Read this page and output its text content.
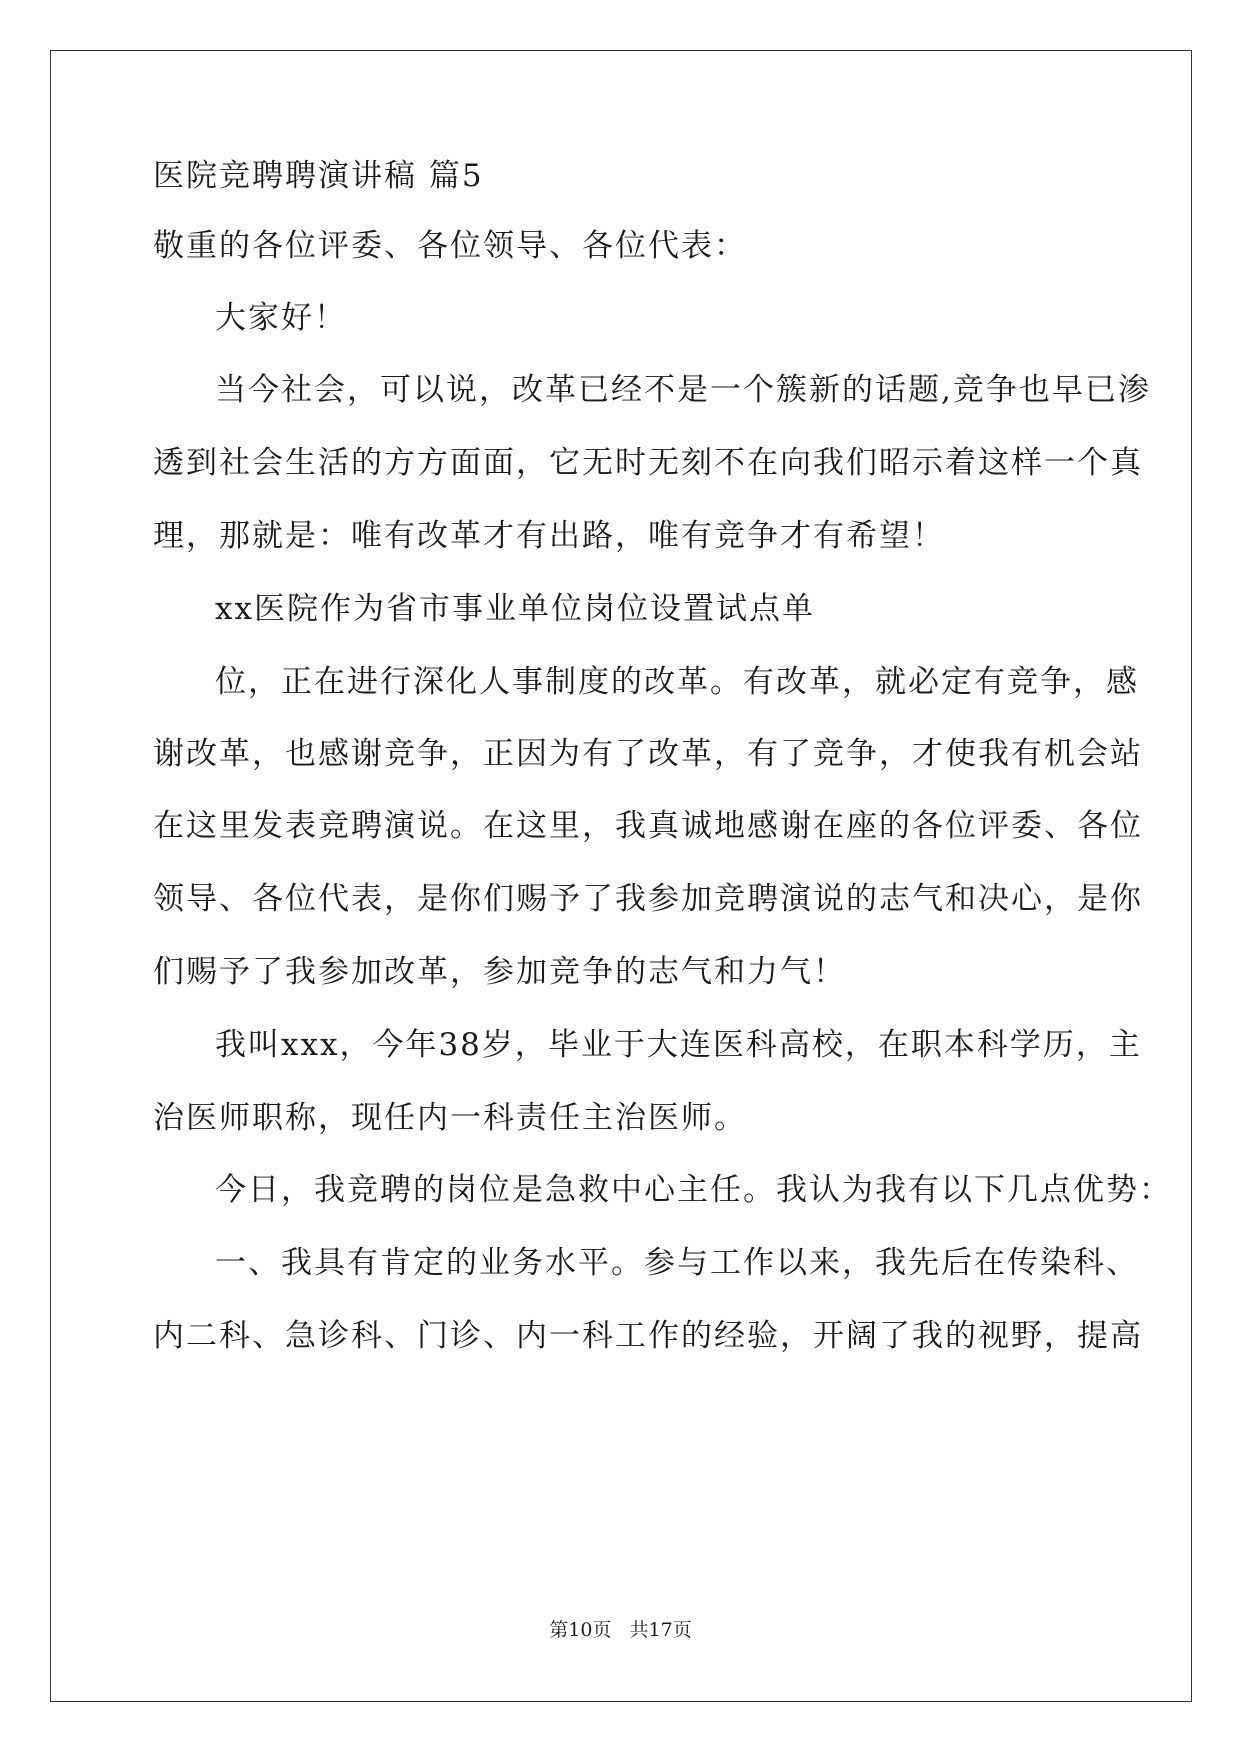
医院竞聘聘演讲稿 篇5
敬重的各位评委、各位领导、各位代表：
大家好！
当今社会，可以说，改革已经不是一个簇新的话题,竞争也早已渗
透到社会生活的方方面面，它无时无刻不在向我们昭示着这样一个真
理，那就是：唯有改革才有出路，唯有竞争才有希望！
xx医院作为省市事业单位岗位设置试点单
位，正在进行深化人事制度的改革。有改革，就必定有竞争，感
谢改革，也感谢竞争，正因为有了改革，有了竞争，才使我有机会站
在这里发表竞聘演说。在这里，我真诚地感谢在座的各位评委、各位
领导、各位代表，是你们赐予了我参加竞聘演说的志气和决心，是你
们赐予了我参加改革，参加竞争的志气和力气！
我叫xxx，今年38岁，毕业于大连医科高校，在职本科学历，主
治医师职称，现任内一科责任主治医师。
今日，我竞聘的岗位是急救中心主任。我认为我有以下几点优势：
一、我具有肯定的业务水平。参与工作以来，我先后在传染科、
内二科、急诊科、门诊、内一科工作的经验，开阔了我的视野，提高
第10页 共17页
